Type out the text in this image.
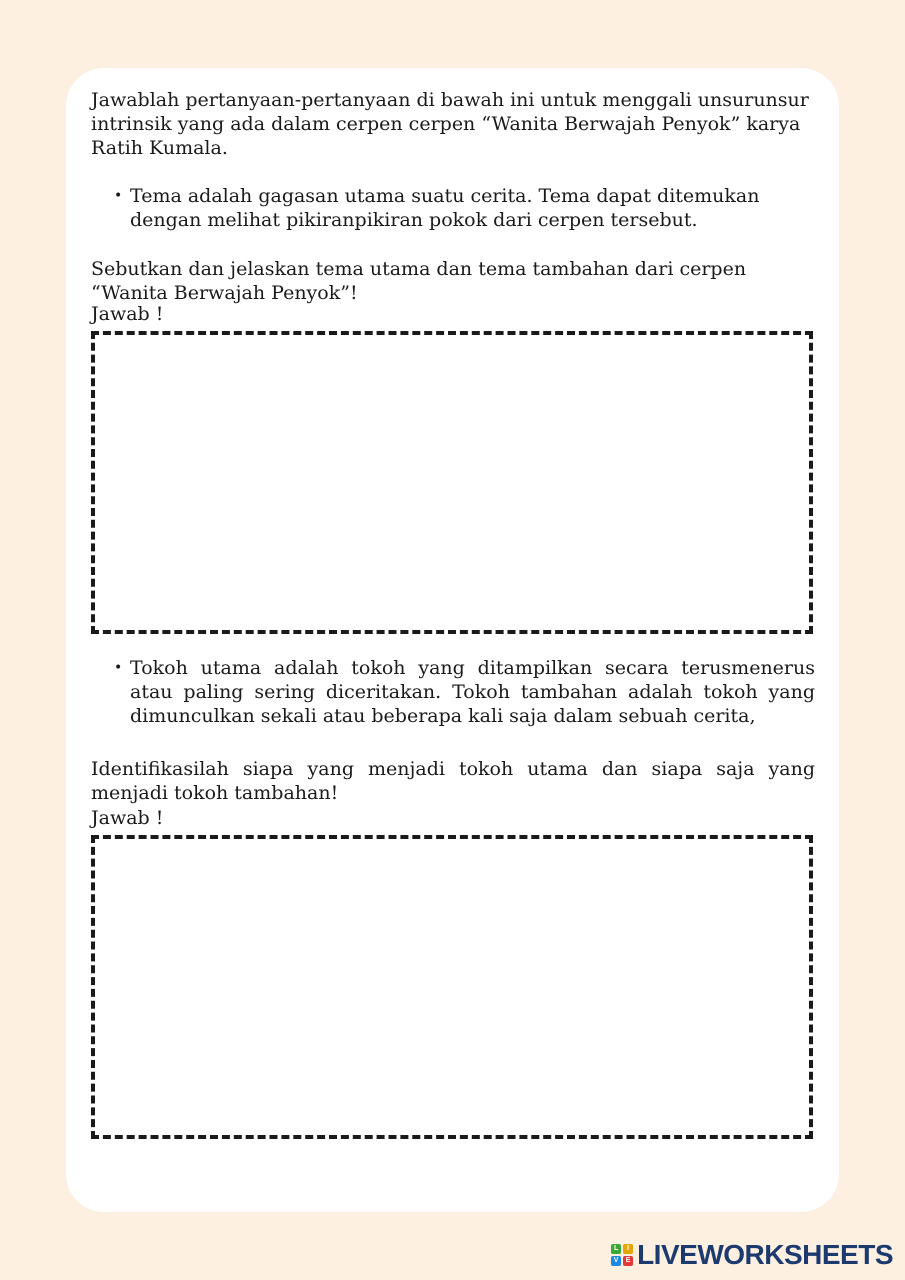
Jawablah pertanyaan-pertanyaan di bawah ini untuk menggali unsurunsur intrinsik yang ada dalam cerpen cerpen “Wanita Berwajah Penyok” karya Ratih Kumala.

• Tema adalah gagasan utama suatu cerita. Tema dapat ditemukan dengan melihat pikiranpikiran pokok dari cerpen tersebut.

Sebutkan dan jelaskan tema utama dan tema tambahan dari cerpen “Wanita Berwajah Penyok”!

Jawab !

• Tokoh utama adalah tokoh yang ditampilkan secara terusmenerus atau paling sering diceritakan. Tokoh tambahan adalah tokoh yang dimunculkan sekali atau beberapa kali saja dalam sebuah cerita,

Identifikasilah siapa yang menjadi tokoh utama dan siapa saja yang menjadi tokoh tambahan!

Jawab !

L	I
V	E LIVEWORKSHEETS
